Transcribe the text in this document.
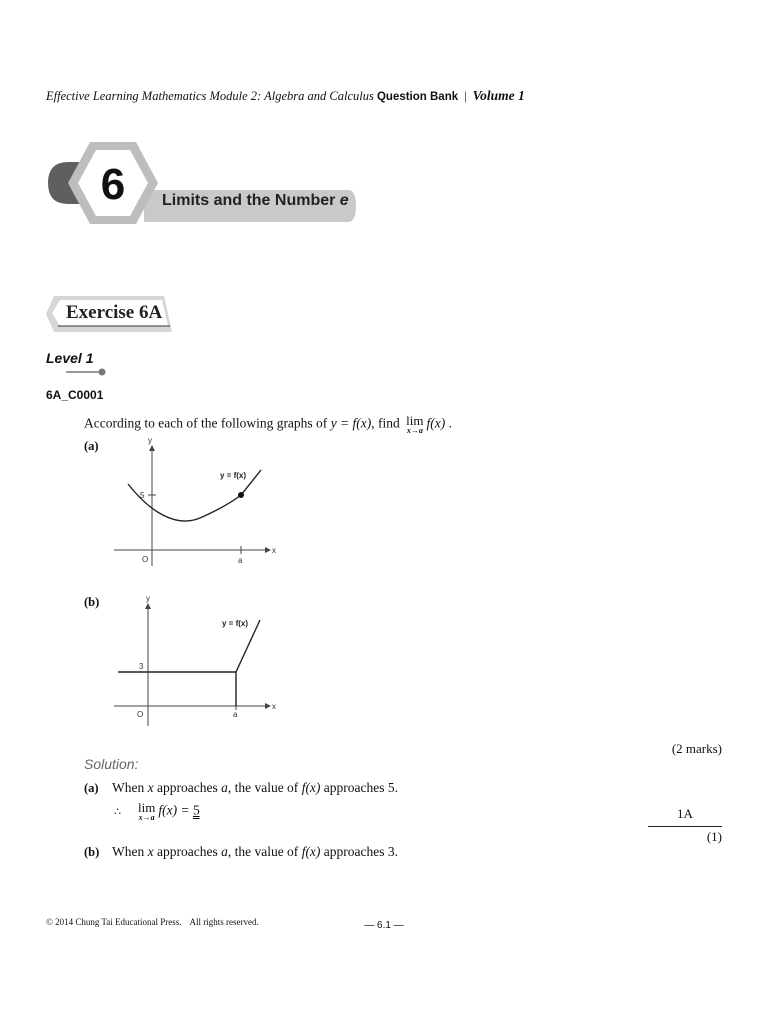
Effective Learning Mathematics Module 2: Algebra and Calculus Question Bank | Volume 1
6	Limits and the Number e
Exercise 6A
Level 1
6A_C0001
According to each of the following graphs of y = f(x), find lim
x→a f(x) .
(a)	y
x
O
5
a
y = f(x)
(b)	y
x
O
3
a
y = f(x)
(2 marks)
Solution:
(a) When x approaches a, the value of f(x) approaches 5.
∴ lim
x→a f(x) = 5	1A
(1)
(b) When x approaches a, the value of f(x) approaches 3.
© 2014 Chung Tai Educational Press. All rights reserved.	— 6.1 —
